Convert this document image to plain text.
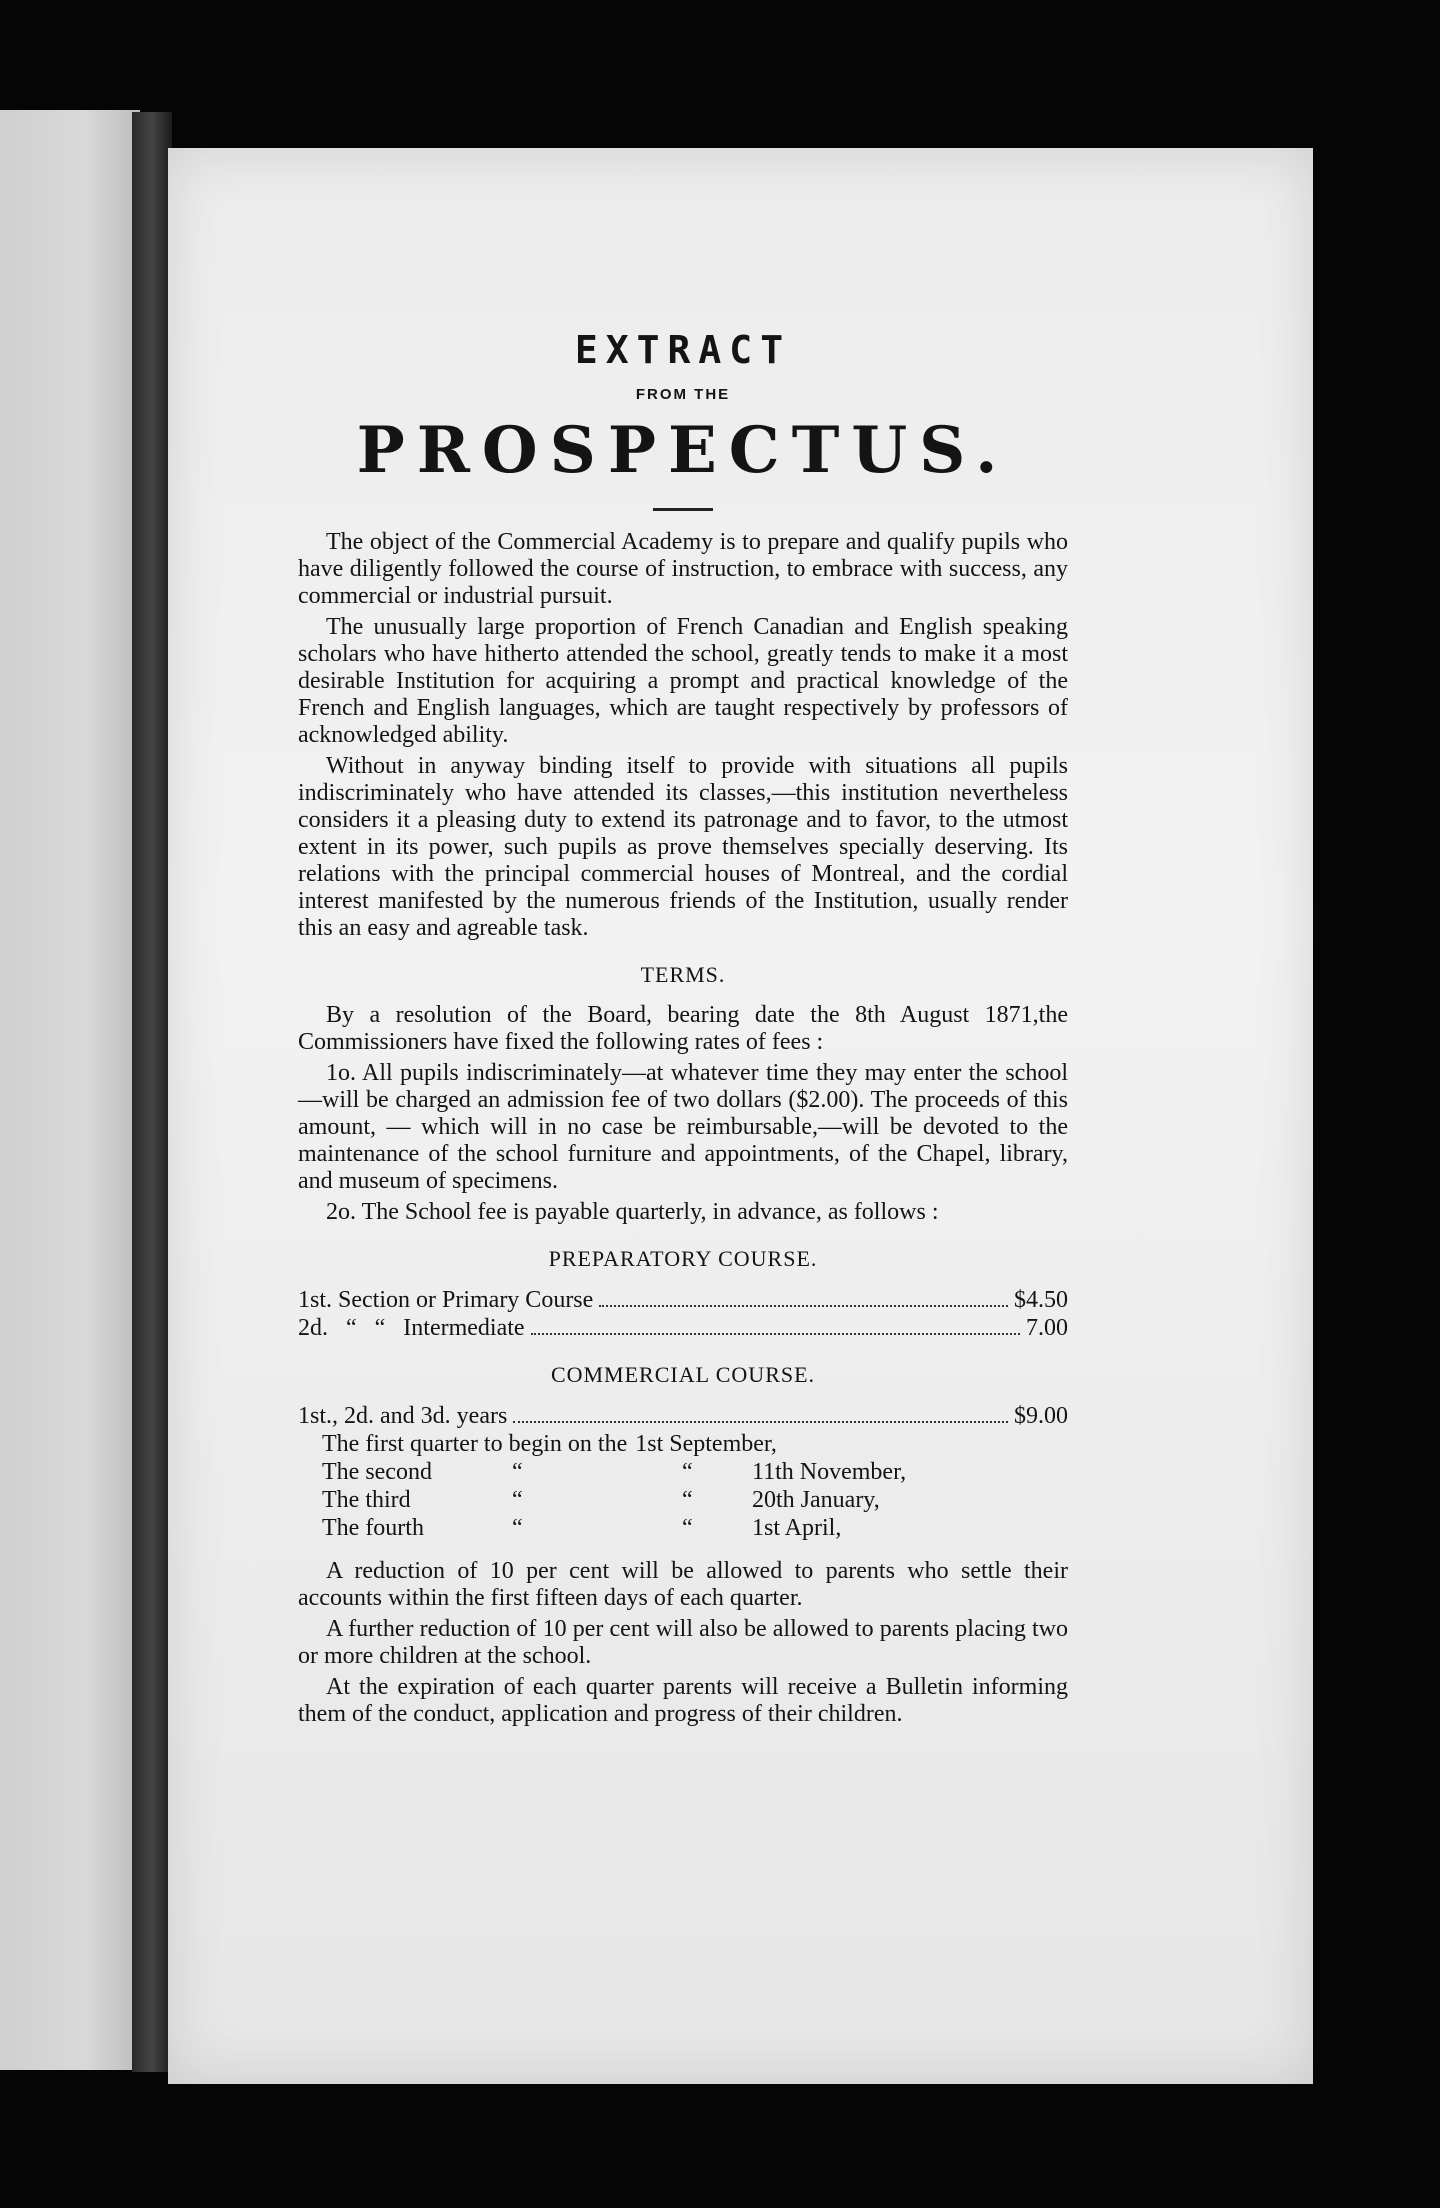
EXTRACT
FROM THE
PROSPECTUS.

The object of the Commercial Academy is to prepare and qualify pupils who have diligently followed the course of instruction, to embrace with success, any commercial or industrial pursuit.

The unusually large proportion of French Canadian and English speaking scholars who have hitherto attended the school, greatly tends to make it a most desirable Institution for acquiring a prompt and practical knowledge of the French and English languages, which are taught respectively by professors of acknowledged ability.

Without in anyway binding itself to provide with situations all pupils indiscriminately who have attended its classes,—this institution nevertheless considers it a pleasing duty to extend its patronage and to favor, to the utmost extent in its power, such pupils as prove themselves specially deserving. Its relations with the principal commercial houses of Montreal, and the cordial interest manifested by the numerous friends of the Institution, usually render this an easy and agreable task.

TERMS.

By a resolution of the Board, bearing date the 8th August 1871,the Commissioners have fixed the following rates of fees :

1o. All pupils indiscriminately—at whatever time they may enter the school—will be charged an admission fee of two dollars ($2.00). The proceeds of this amount, — which will in no case be reimbursable,—will be devoted to the maintenance of the school furniture and appointments, of the Chapel, library, and museum of specimens.

2o. The School fee is payable quarterly, in advance, as follows :

PREPARATORY COURSE.
1st. Section or Primary Course	$4.50
2d.   “   “   Intermediate	7.00
COMMERCIAL COURSE.
1st., 2d. and 3d. years	$9.00
The first quarter to begin on the 1st September,
The second	“	“	11th November,
The third	“	“	20th January,
The fourth	“	“	1st April,

A reduction of 10 per cent will be allowed to parents who settle their accounts within the first fifteen days of each quarter.

A further reduction of 10 per cent will also be allowed to parents placing two or more children at the school.

At the expiration of each quarter parents will receive a Bulletin informing them of the conduct, application and progress of their children.
